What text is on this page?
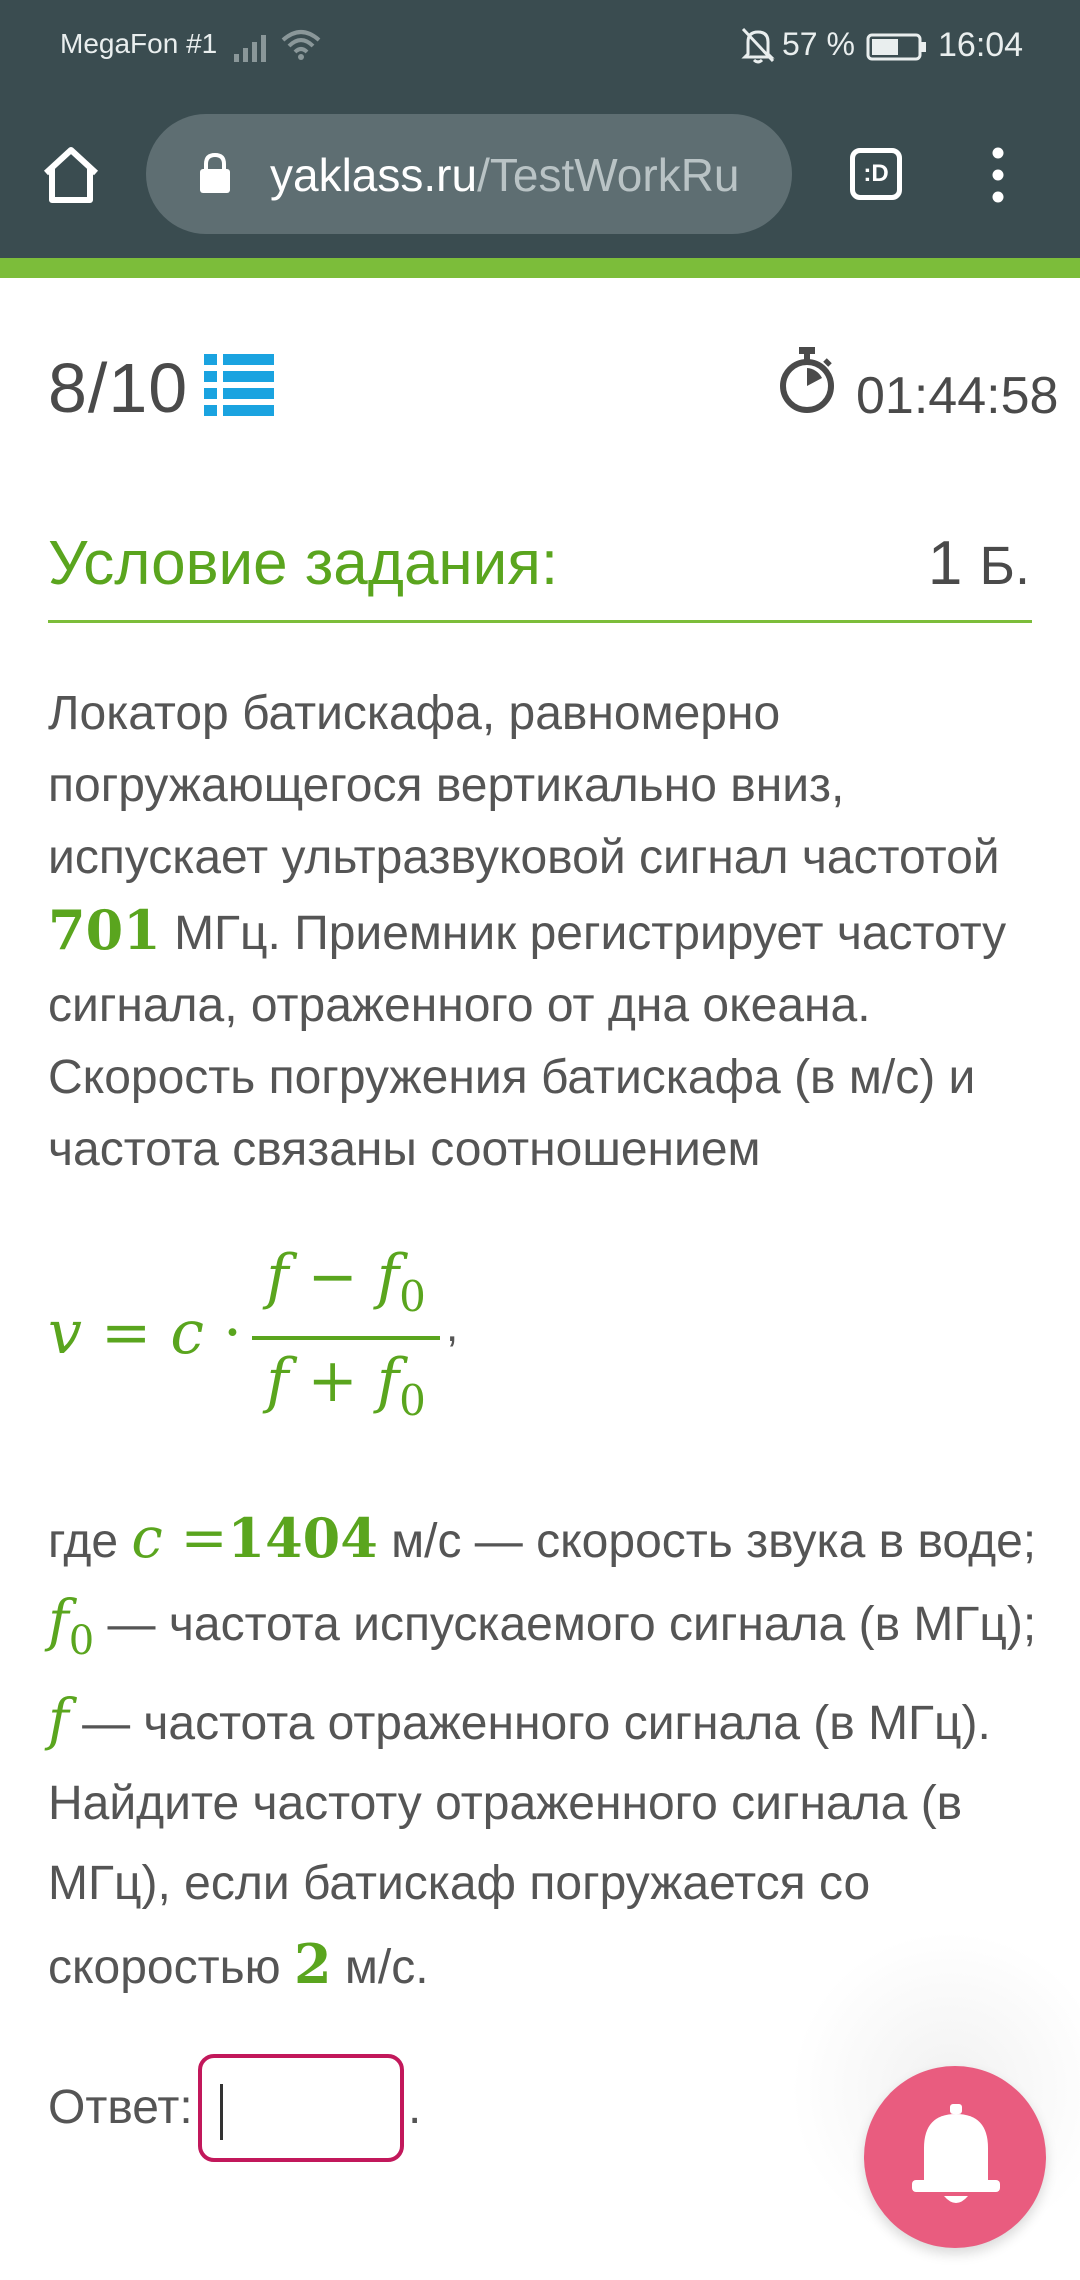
MegaFon #1	57 % 16:04
yaklass.ru/TestWorkRu	:D
8/10	01:44:58
Условие задания:	1 Б.
Локатор батискафа, равномерно погружающегося вертикально вниз, испускает ультразвуковой сигнал частотой 701 МГц. Приемник регистрирует частоту сигнала, отраженного от дна океана. Скорость погружения батискафа (в м/с) и частота связаны соотношением
v = c ·
$f - f_0$
$f + f_0$
,
где c =1404 м/с — скорость звука в воде; $f_0$ — частота испускаемого сигнала (в МГц); f — частота отраженного сигнала (в МГц). Найдите частоту отраженного сигнала (в МГц), если батискаф погружается со скоростью 2 м/с.
Ответ:	.
